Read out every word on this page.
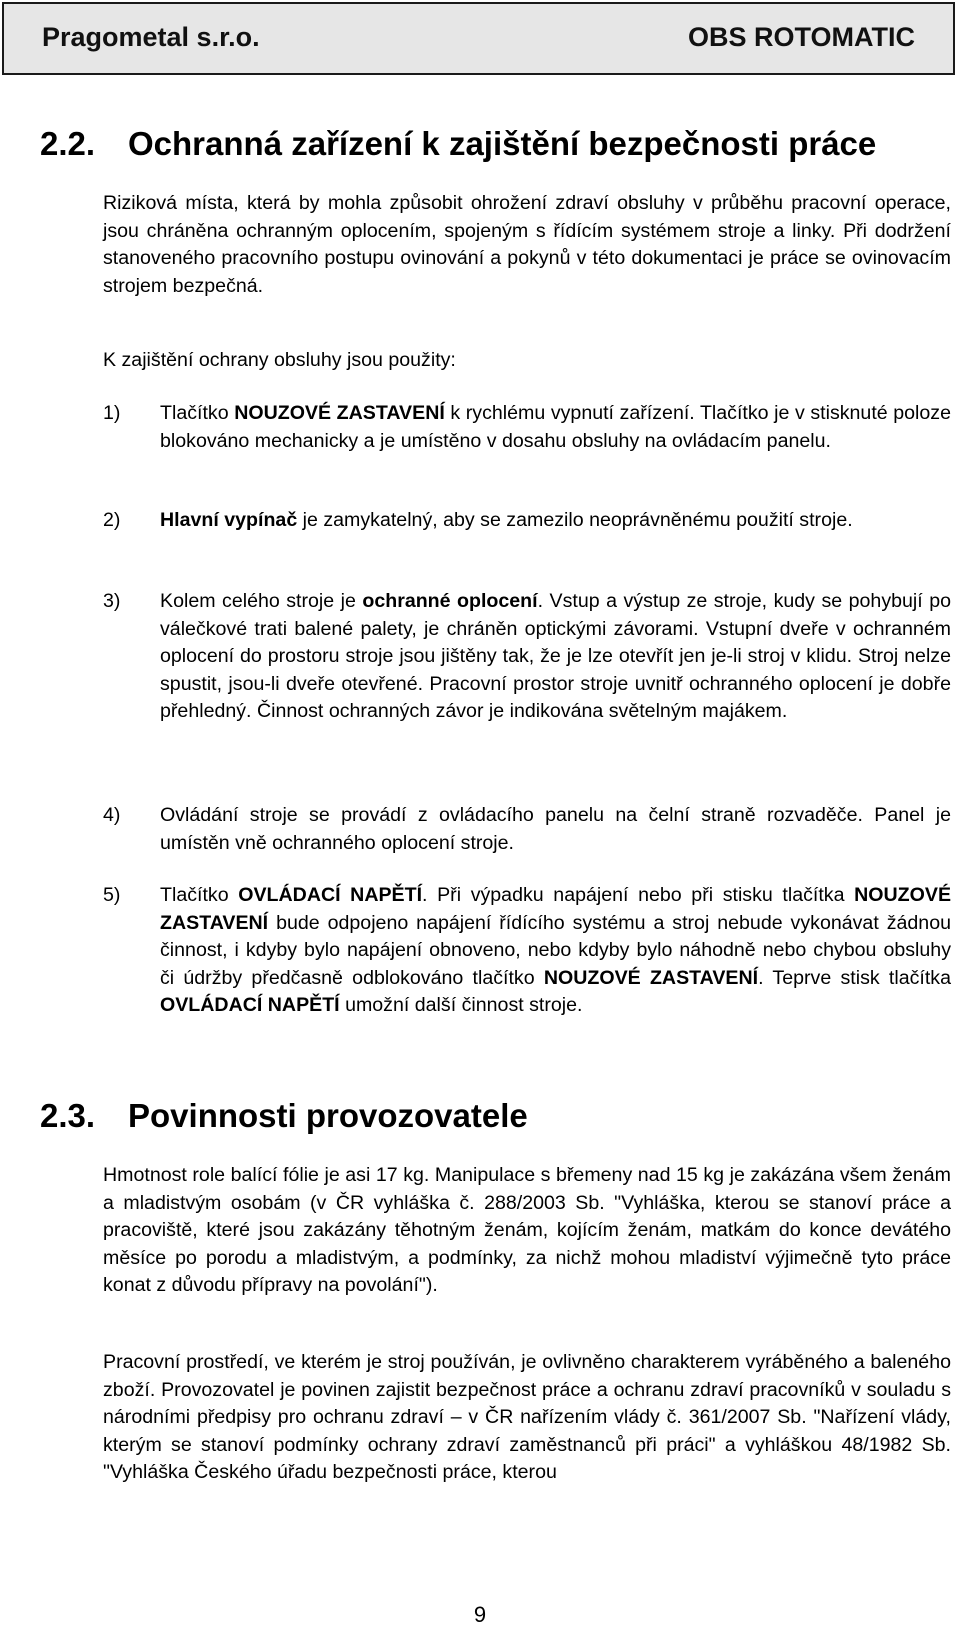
Pragometal s.r.o.	OBS ROTOMATIC
2.2. Ochranná zařízení k zajištění bezpečnosti práce
Riziková místa, která by mohla způsobit ohrožení zdraví obsluhy v průběhu pracovní operace, jsou chráněna ochranným oplocením, spojeným s řídícím systémem stroje a linky. Při dodržení stanoveného pracovního postupu ovinování a pokynů v této dokumentaci je práce se ovinovacím strojem bezpečná.
K zajištění ochrany obsluhy jsou použity:
1) Tlačítko NOUZOVÉ ZASTAVENÍ k rychlému vypnutí zařízení. Tlačítko je v stisknuté poloze blokováno mechanicky a je umístěno v dosahu obsluhy na ovládacím panelu.
2) Hlavní vypínač je zamykatelný, aby se zamezilo neoprávněnému použití stroje.
3) Kolem celého stroje je ochranné oplocení. Vstup a výstup ze stroje, kudy se pohybují po válečkové trati balené palety, je chráněn optickými závorami. Vstupní dveře v ochranném oplocení do prostoru stroje jsou jištěny tak, že je lze otevřít jen je-li stroj v klidu. Stroj nelze spustit, jsou-li dveře otevřené. Pracovní prostor stroje uvnitř ochranného oplocení je dobře přehledný. Činnost ochranných závor je indikována světelným majákem.
4) Ovládání stroje se provádí z ovládacího panelu na čelní straně rozvaděče. Panel je umístěn vně ochranného oplocení stroje.
5) Tlačítko OVLÁDACÍ NAPĚTÍ. Při výpadku napájení nebo při stisku tlačítka NOUZOVÉ ZASTAVENÍ bude odpojeno napájení řídícího systému a stroj nebude vykonávat žádnou činnost, i kdyby bylo napájení obnoveno, nebo kdyby bylo náhodně nebo chybou obsluhy či údržby předčasně odblokováno tlačítko NOUZOVÉ ZASTAVENÍ. Teprve stisk tlačítka OVLÁDACÍ NAPĚTÍ umožní další činnost stroje.
2.3. Povinnosti provozovatele
Hmotnost role balící fólie je asi 17 kg. Manipulace s břemeny nad 15 kg je zakázána všem ženám a mladistvým osobám (v ČR vyhláška č. 288/2003 Sb. "Vyhláška, kterou se stanoví práce a pracoviště, které jsou zakázány těhotným ženám, kojícím ženám, matkám do konce devátého měsíce po porodu a mladistvým, a podmínky, za nichž mohou mladiství výjimečně tyto práce konat z důvodu přípravy na povolání").
Pracovní prostředí, ve kterém je stroj používán, je ovlivněno charakterem vyráběného a baleného zboží. Provozovatel je povinen zajistit bezpečnost práce a ochranu zdraví pracovníků v souladu s národními předpisy pro ochranu zdraví – v ČR nařízením vlády č. 361/2007 Sb. "Nařízení vlády, kterým se stanoví podmínky ochrany zdraví zaměstnanců při práci" a vyhláškou 48/1982 Sb. "Vyhláška Českého úřadu bezpečnosti práce, kterou
9
